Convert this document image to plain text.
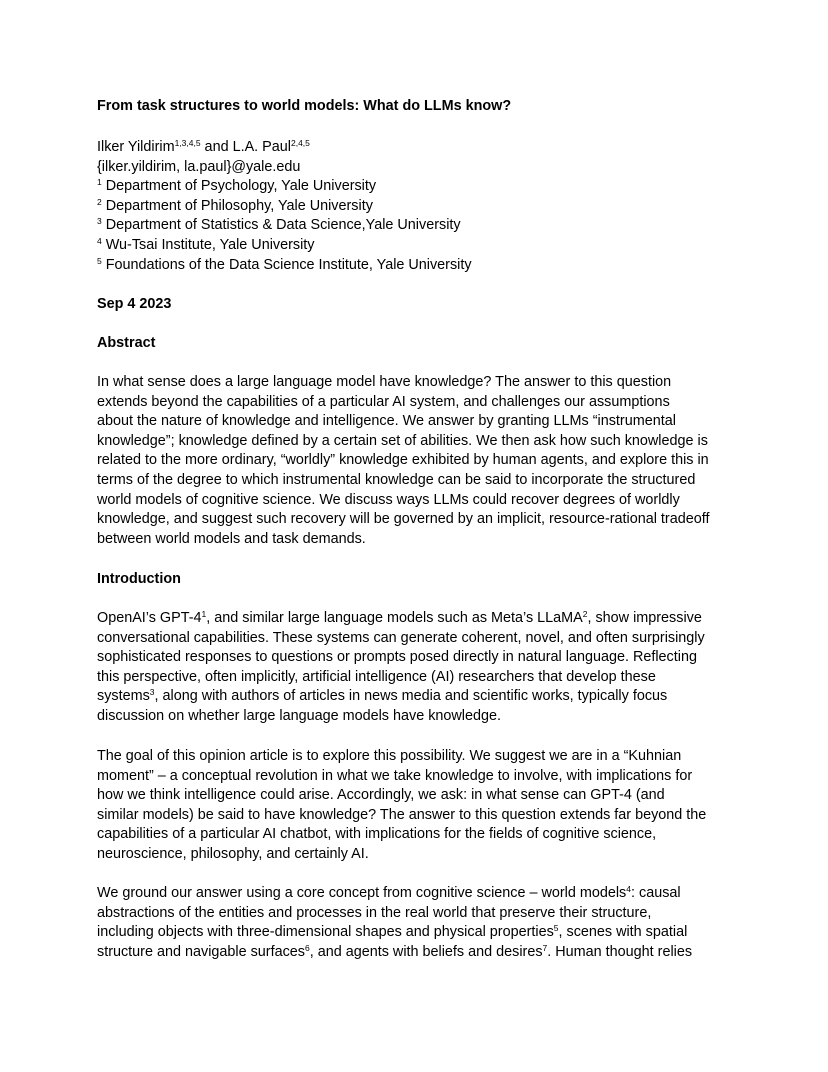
From task structures to world models: What do LLMs know?
Ilker Yildirim$^{1,3,4,5}$ and L.A. Paul$^{2,4,5}$
{ilker.yildirim, la.paul}@yale.edu
$^1$ Department of Psychology, Yale University
$^2$ Department of Philosophy, Yale University
$^3$ Department of Statistics & Data Science,Yale University
$^4$ Wu-Tsai Institute, Yale University
$^5$ Foundations of the Data Science Institute, Yale University
Sep 4 2023
Abstract
In what sense does a large language model have knowledge? The answer to this question
extends beyond the capabilities of a particular AI system, and challenges our assumptions
about the nature of knowledge and intelligence. We answer by granting LLMs “instrumental
knowledge”; knowledge defined by a certain set of abilities. We then ask how such knowledge is
related to the more ordinary, “worldly” knowledge exhibited by human agents, and explore this in
terms of the degree to which instrumental knowledge can be said to incorporate the structured
world models of cognitive science. We discuss ways LLMs could recover degrees of worldly
knowledge, and suggest such recovery will be governed by an implicit, resource-rational tradeoff
between world models and task demands.
Introduction
OpenAI’s GPT-$4^1$, and similar large language models such as Meta’s LLaMA$^2$, show impressive
conversational capabilities. These systems can generate coherent, novel, and often surprisingly
sophisticated responses to questions or prompts posed directly in natural language. Reflecting
this perspective, often implicitly, artificial intelligence (AI) researchers that develop these
systems$^3$, along with authors of articles in news media and scientific works, typically focus
discussion on whether large language models have knowledge.
The goal of this opinion article is to explore this possibility. We suggest we are in a “Kuhnian
moment” – a conceptual revolution in what we take knowledge to involve, with implications for
how we think intelligence could arise. Accordingly, we ask: in what sense can GPT-4 (and
similar models) be said to have knowledge? The answer to this question extends far beyond the
capabilities of a particular AI chatbot, with implications for the fields of cognitive science,
neuroscience, philosophy, and certainly AI.
We ground our answer using a core concept from cognitive science – world models$^4$: causal
abstractions of the entities and processes in the real world that preserve their structure,
including objects with three-dimensional shapes and physical properties$^5$, scenes with spatial
structure and navigable surfaces$^6$, and agents with beliefs and desires$^7$. Human thought relies
